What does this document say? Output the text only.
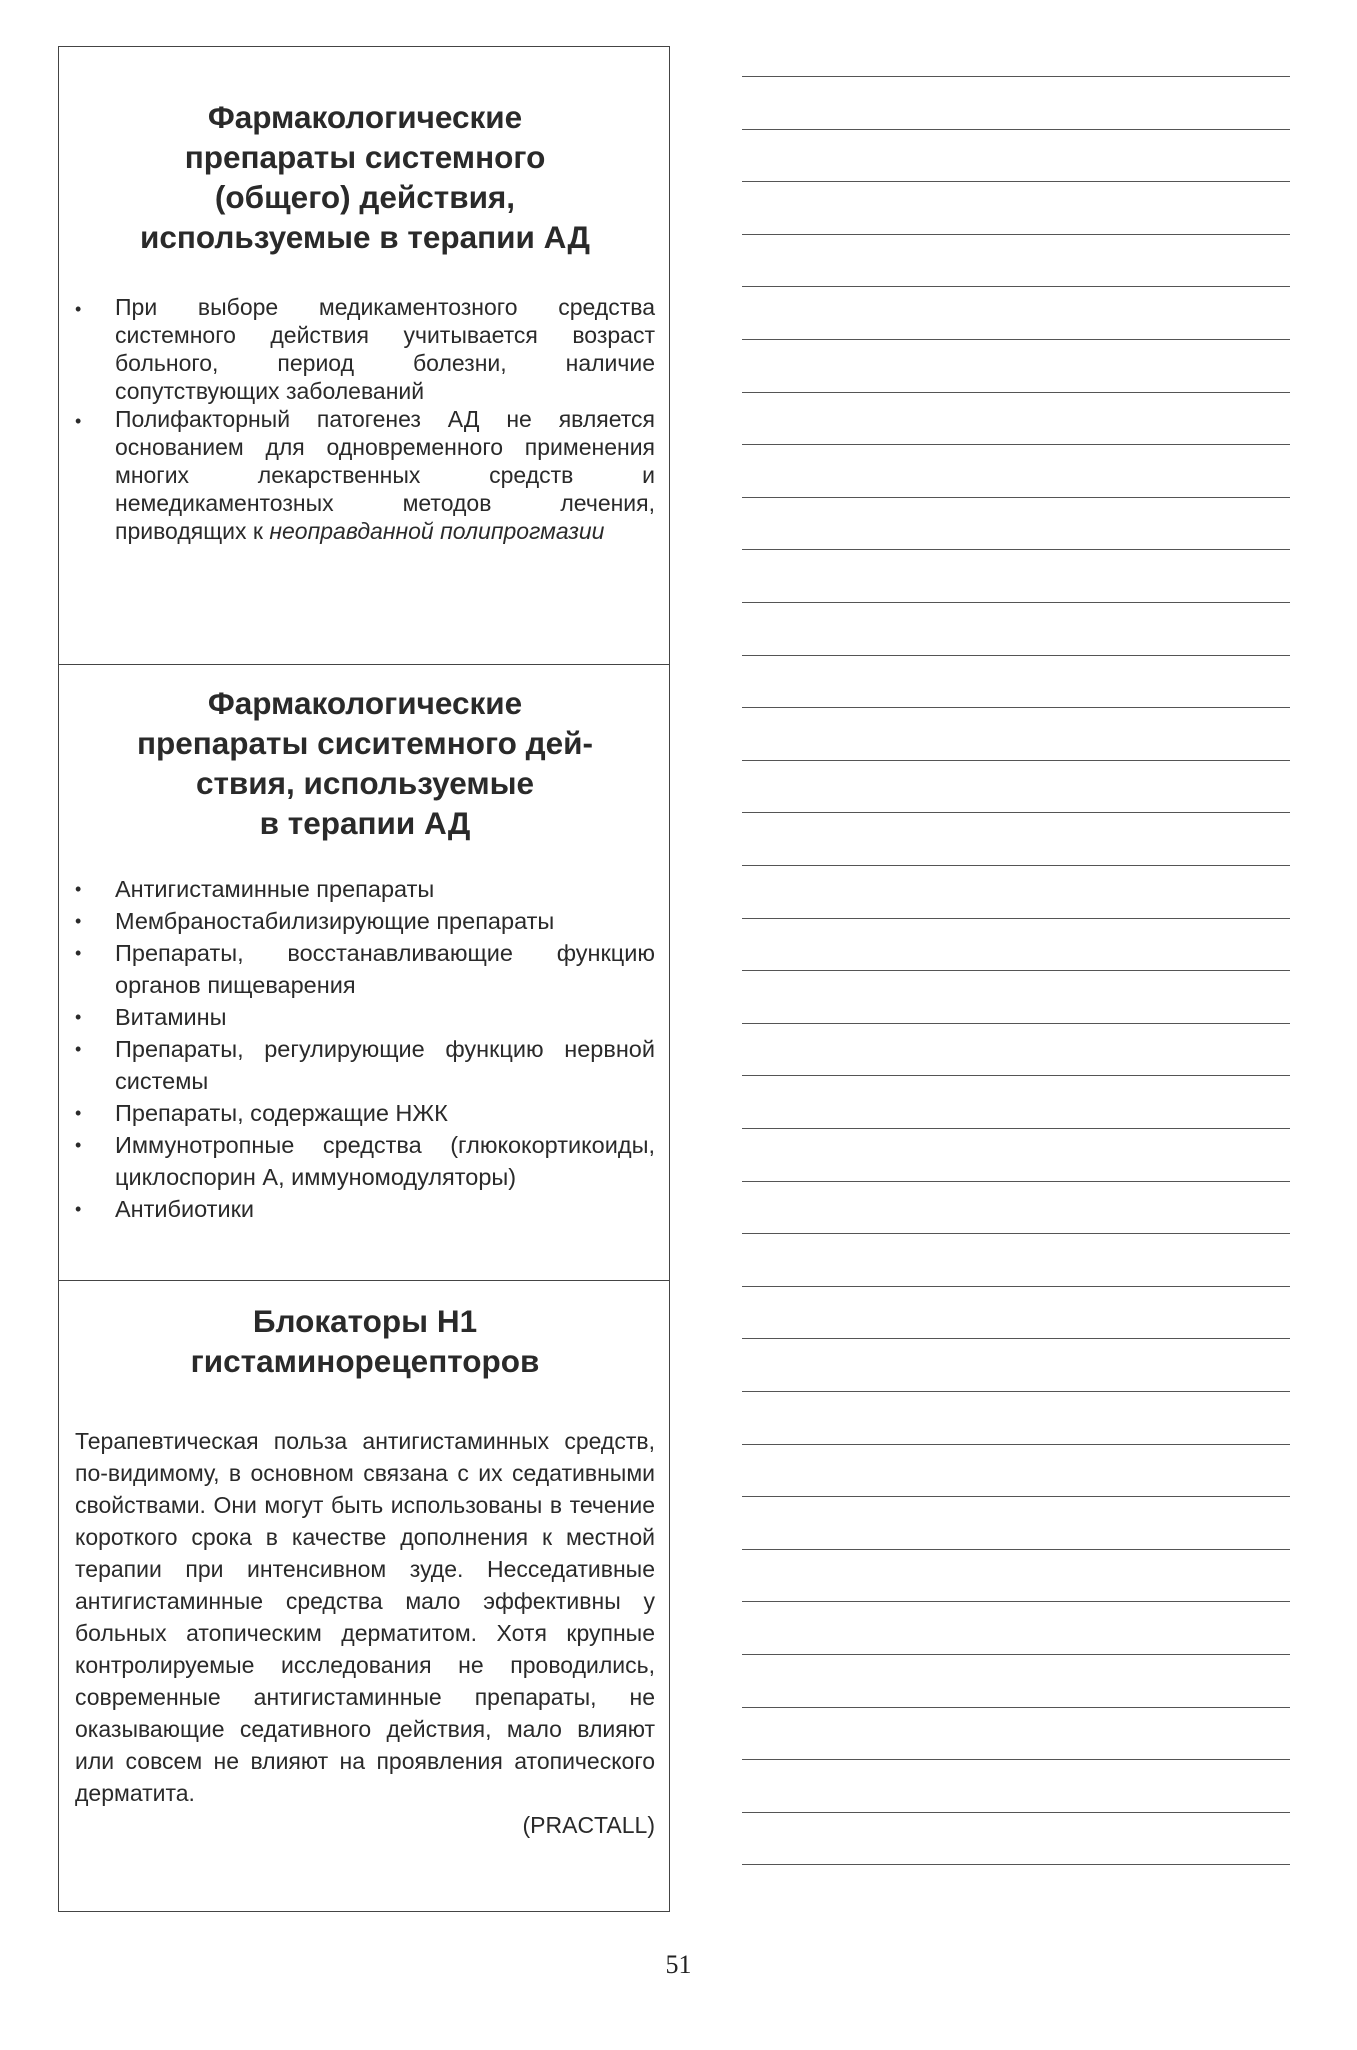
Фармакологические
препараты системного
(общего) действия,
используемые в терапии АД
•	При выборе медикаментозного средства системного действия учитывается возраст больного, период болезни, наличие сопутствующих заболеваний
•	Полифакторный патогенез АД не является основанием для одновременного применения многих лекарственных средств и немедикаментозных методов лечения, приводящих к неоправданной полипрогмазии
Фармакологические
препараты сиситемного дей-
ствия, используемые
в терапии АД
•	Антигистаминные препараты
•	Мембраностабилизирующие препараты
•	Препараты, восстанавливающие функцию органов пищеварения
•	Витамины
•	Препараты, регулирующие функцию нервной системы
•	Препараты, содержащие НЖК
•	Иммунотропные средства (глюкокортикоиды, циклоспорин А, иммуномодуляторы)
•	Антибиотики
Блокаторы Н1
гистаминорецепторов

Терапевтическая польза антигистаминных средств, по-видимому, в основном связана с их седативными свойствами. Они могут быть использованы в течение короткого срока в качестве дополнения к местной терапии при интенсивном зуде. Несседативные антигистаминные средства мало эффективны у больных атопическим дерматитом. Хотя крупные контролируемые исследования не проводились, современные антигистаминные препараты, не оказывающие седативного действия, мало влияют или совсем не влияют на проявления атопического дерматита.

(PRACTALL)

51
